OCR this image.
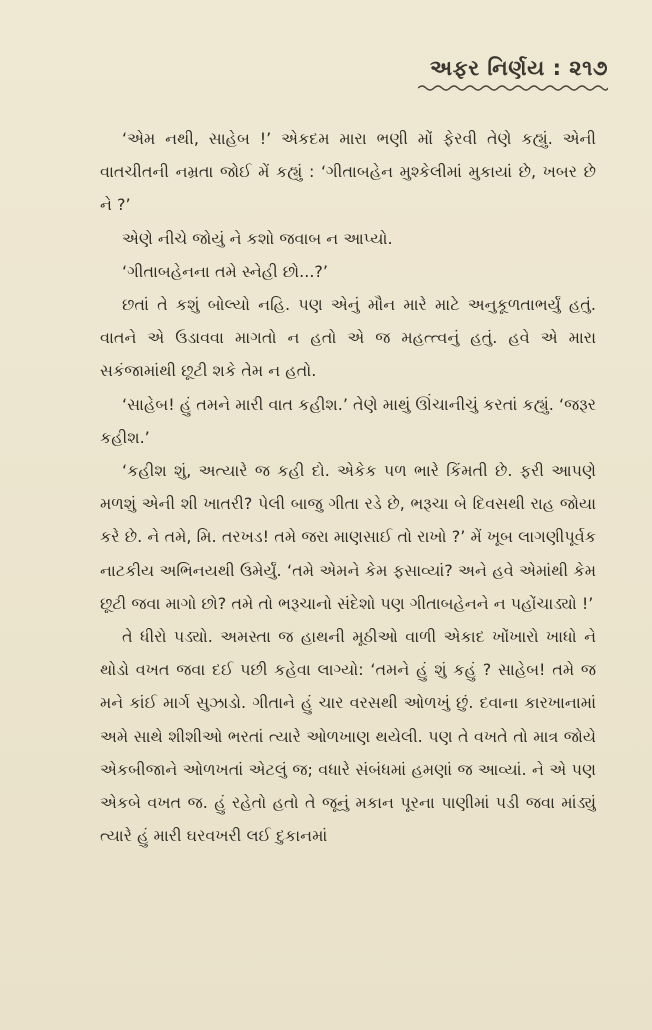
અફર નિર્ણય : ૨૧૭

‘એમ નથી, સાહેબ !’ એકદમ મારા ભણી મોં ફેરવી તેણે કહ્યું. એની વાતચીતની નમ્રતા જોઈ મેં કહ્યું : ‘ગીતાબહેન મુશ્કેલીમાં મુકાયાં છે, ખબર છે ને ?’

એણે નીચે જોયું ને કશો જવાબ ન આપ્યો.

‘ગીતાબહેનના તમે સ્નેહી છો...?’

છતાં તે કશું બોલ્યો નહિ. પણ એનું મૌન મારે માટે અનુકૂળતાભર્યું હતું. વાતને એ ઉડાવવા માગતો ન હતો એ જ મહત્ત્વનું હતું. હવે એ મારા સકંજામાંથી છૂટી શકે તેમ ન હતો.

‘સાહેબ! હું તમને મારી વાત કહીશ.’ તેણે માથું ઊંચાનીચું કરતાં કહ્યું. ‘જરૂર કહીશ.’

‘કહીશ શું, અત્યારે જ કહી દો. એકેક પળ ભારે કિંમતી છે. ફરી આપણે મળશું એની શી ખાતરી? પેલી બાજુ ગીતા રડે છે, ભરૂચા બે દિવસથી રાહ જોયા કરે છે. ને તમે, મિ. તરખડ! તમે જરા માણસાઈ તો રાખો ?’ મેં ખૂબ લાગણીપૂર્વક નાટકીય અભિનયથી ઉમેર્યું. ‘તમે એમને કેમ ફસાવ્યાં? અને હવે એમાંથી કેમ છૂટી જવા માગો છો? તમે તો ભરૂચાનો સંદેશો પણ ગીતાબહેનને ન પહોંચાડ્યો !’

તે ધીરો પડ્યો. અમસ્તા જ હાથની મૂઠીઓ વાળી એકાદ ખોંખારો ખાધો ને થોડો વખત જવા દઈ પછી કહેવા લાગ્યો: ‘તમને હું શું કહું ? સાહેબ! તમે જ મને કાંઈ માર્ગ સુઝાડો. ગીતાને હું ચાર વરસથી ઓળખું છું. દવાના કારખાનામાં અમે સાથે શીશીઓ ભરતાં ત્યારે ઓળખાણ થયેલી. પણ તે વખતે તો માત્ર જોયે એકબીજાને ઓળખતાં એટલું જ; વધારે સંબંધમાં હમણાં જ આવ્યાં. ને એ પણ એકબે વખત જ. હું રહેતો હતો તે જૂનું મકાન પૂરના પાણીમાં પડી જવા માંડ્યું ત્યારે હું મારી ઘરવખરી લઈ દુકાનમાં
